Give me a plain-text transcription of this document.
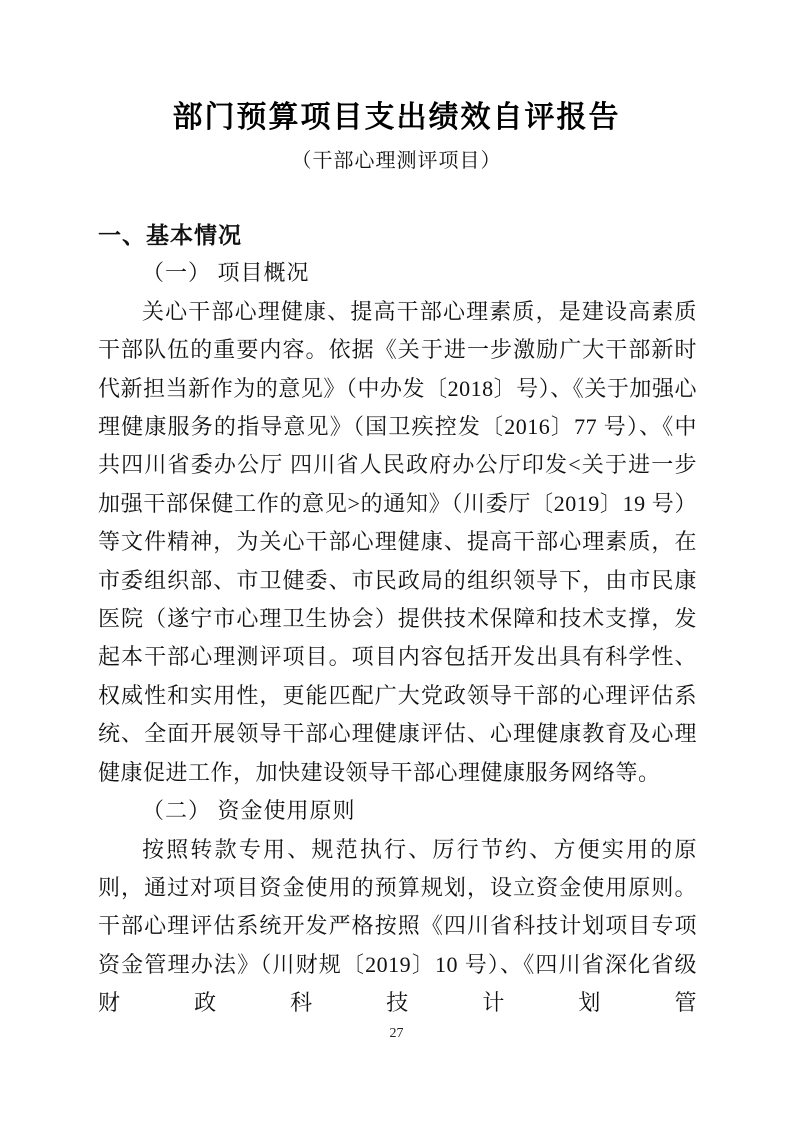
部门预算项目支出绩效自评报告
（干部心理测评项目）
一、基本情况
（一） 项目概况

关心干部心理健康、提高干部心理素质，是建设高素质干部队伍的重要内容。依据《关于进一步激励广大干部新时代新担当新作为的意见》（中办发〔2018〕号）、《关于加强心理健康服务的指导意见》（国卫疾控发〔2016〕77 号）、《中共四川省委办公厅 四川省人民政府办公厅印发<关于进一步加强干部保健工作的意见>的通知》（川委厅〔2019〕19 号）等文件精神，为关心干部心理健康、提高干部心理素质，在市委组织部、市卫健委、市民政局的组织领导下，由市民康医院（遂宁市心理卫生协会）提供技术保障和技术支撑，发起本干部心理测评项目。项目内容包括开发出具有科学性、权威性和实用性，更能匹配广大党政领导干部的心理评估系统、全面开展领导干部心理健康评估、心理健康教育及心理健康促进工作，加快建设领导干部心理健康服务网络等。

（二） 资金使用原则

按照转款专用、规范执行、厉行节约、方便实用的原则，通过对项目资金使用的预算规划，设立资金使用原则。干部心理评估系统开发严格按照《四川省科技计划项目专项资金管理办法》（川财规〔2019〕10 号）、《四川省深化省级财政科技计划管

27
